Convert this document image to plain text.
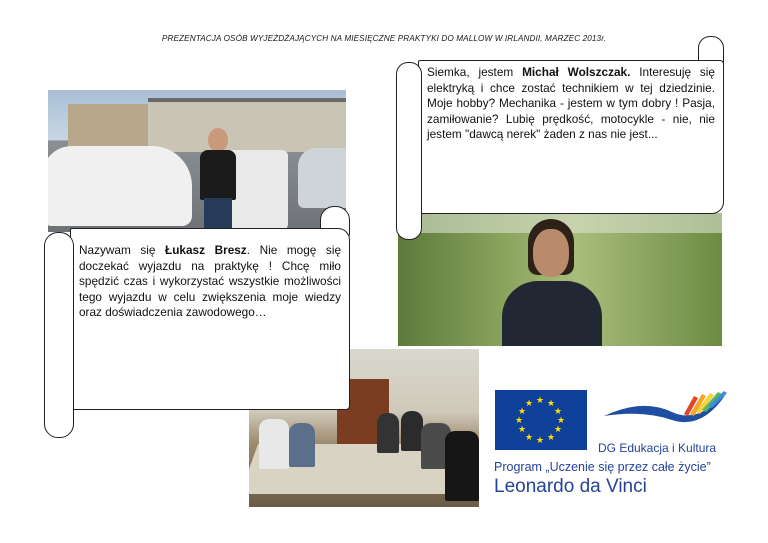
PREZENTACJA OSÓB WYJEŻDŻAJĄCYCH NA MIESIĘCZNE PRAKTYKI DO MALLOW W IRLANDII, MARZEC 2013r.
Siemka, jestem Michał Wolszczak. Interesuję się elektryką i chce zostać technikiem w tej dziedzinie. Moje hobby? Mechanika - jestem w tym dobry ! Pasja, zamiłowanie? Lubię prędkość, motocykle - nie, nie jestem "dawcą nerek" żaden z nas nie jest...
Nazywam się Łukasz Bresz. Nie mogę się doczekać wyjazdu na praktykę ! Chcę miło spędzić czas i wykorzystać wszystkie możliwości tego wyjazdu w celu zwiększenia moje wiedzy oraz doświadczenia zawodowego…
★ ★
★
★
★
★
★
★
★
★
★
★
DG Edukacja i Kultura
Program „Uczenie się przez całe życie”
Leonardo da Vinci
